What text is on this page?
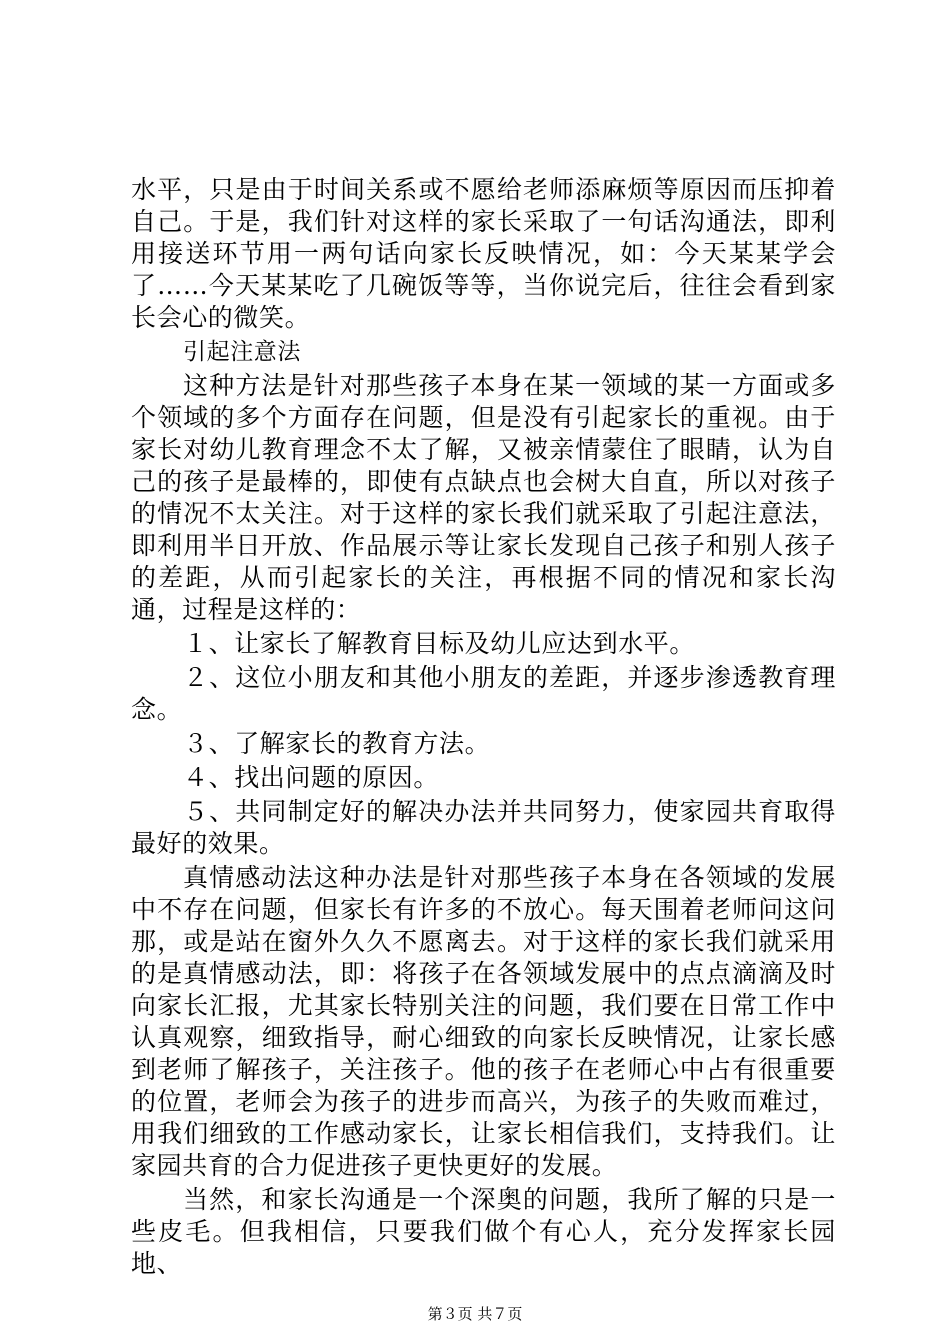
水平，只是由于时间关系或不愿给老师添麻烦等原因而压抑着自己。于是，我们针对这样的家长采取了一句话沟通法，即利用接送环节用一两句话向家长反映情况，如：今天某某学会了……今天某某吃了几碗饭等等，当你说完后，往往会看到家长会心的微笑。

引起注意法

这种方法是针对那些孩子本身在某一领域的某一方面或多个领域的多个方面存在问题，但是没有引起家长的重视。由于家长对幼儿教育理念不太了解，又被亲情蒙住了眼睛，认为自己的孩子是最棒的，即使有点缺点也会树大自直，所以对孩子的情况不太关注。对于这样的家长我们就采取了引起注意法，即利用半日开放、作品展示等让家长发现自己孩子和别人孩子的差距，从而引起家长的关注，再根据不同的情况和家长沟通，过程是这样的：

１、让家长了解教育目标及幼儿应达到水平。

２、这位小朋友和其他小朋友的差距，并逐步渗透教育理念。

３、了解家长的教育方法。

４、找出问题的原因。

５、共同制定好的解决办法并共同努力，使家园共育取得最好的效果。

真情感动法这种办法是针对那些孩子本身在各领域的发展中不存在问题，但家长有许多的不放心。每天围着老师问这问那，或是站在窗外久久不愿离去。对于这样的家长我们就采用的是真情感动法，即：将孩子在各领域发展中的点点滴滴及时向家长汇报，尤其家长特别关注的问题，我们要在日常工作中认真观察，细致指导，耐心细致的向家长反映情况，让家长感到老师了解孩子，关注孩子。他的孩子在老师心中占有很重要的位置，老师会为孩子的进步而高兴，为孩子的失败而难过，用我们细致的工作感动家长，让家长相信我们，支持我们。让家园共育的合力促进孩子更快更好的发展。

当然，和家长沟通是一个深奥的问题，我所了解的只是一些皮毛。但我相信，只要我们做个有心人，充分发挥家长园地、

第３页 共７页
